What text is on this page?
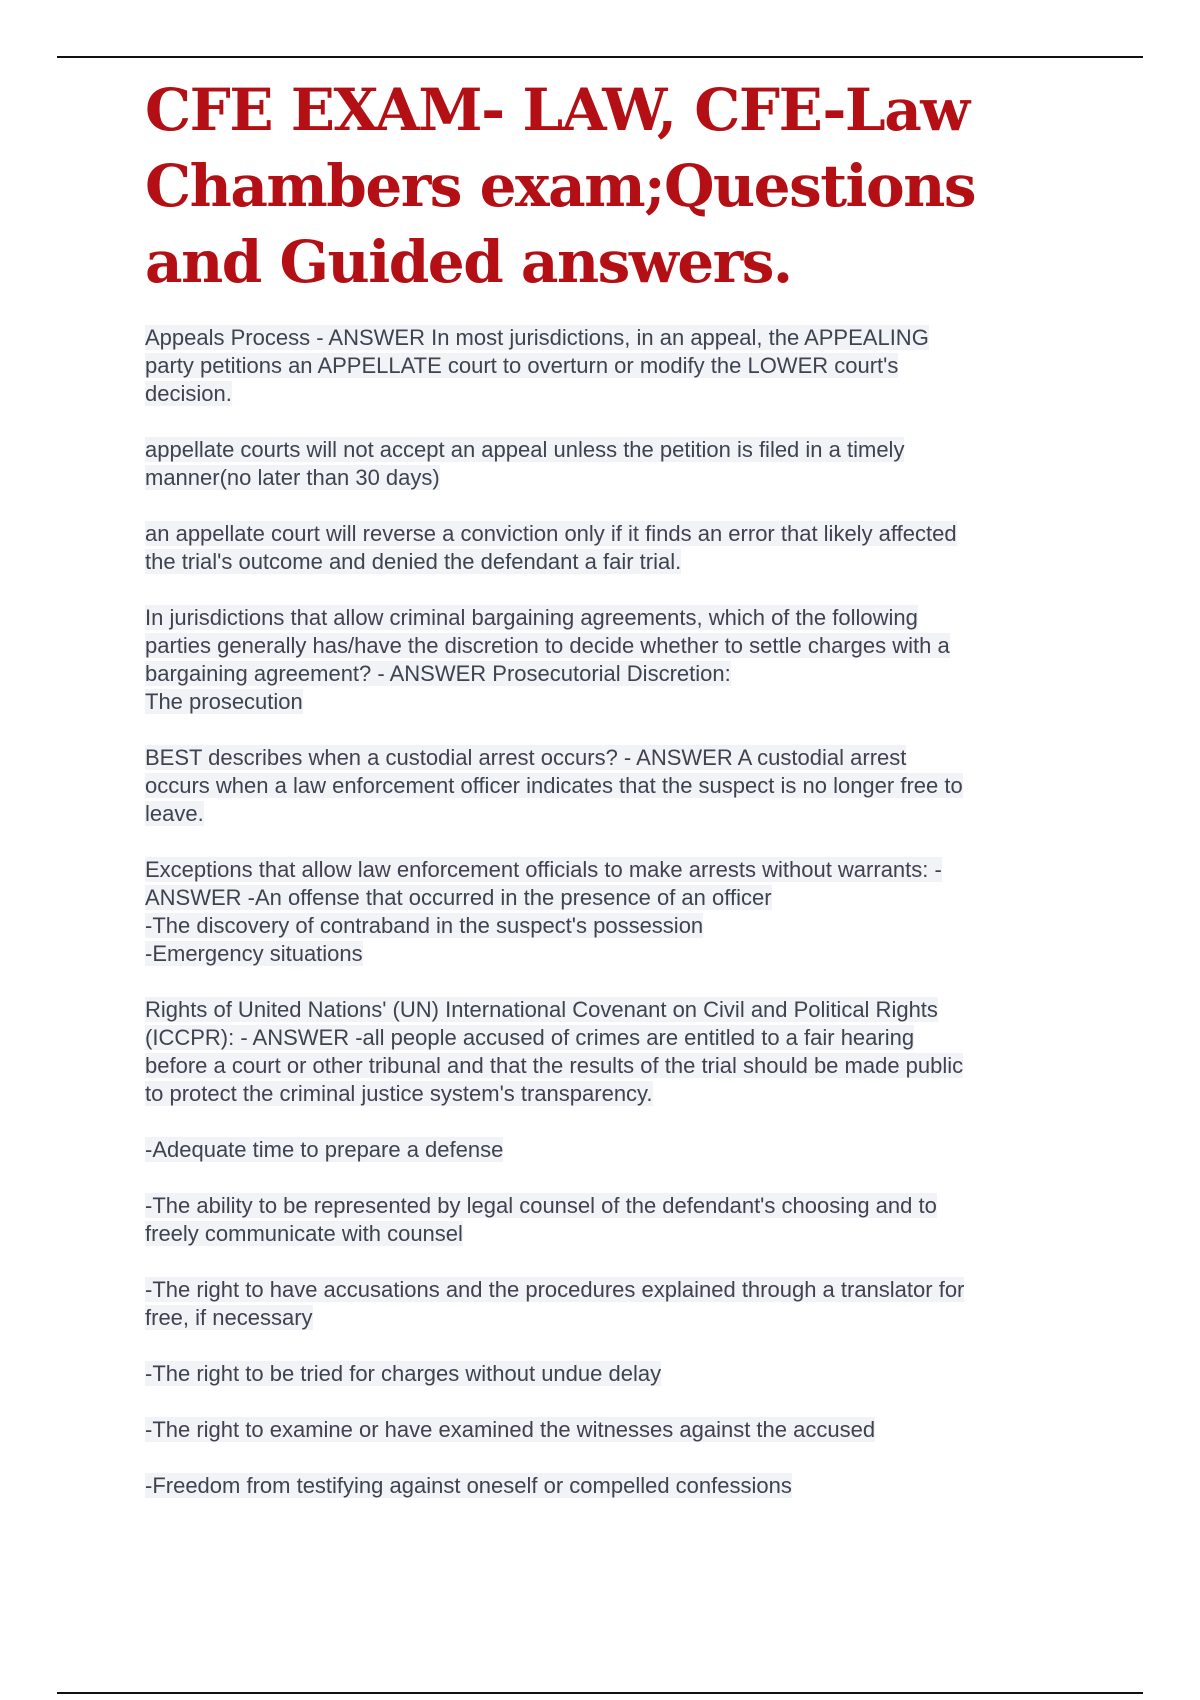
CFE EXAM- LAW, CFE-Law
Chambers exam;Questions
and Guided answers.

Appeals Process - ANSWER In most jurisdictions, in an appeal, the APPEALING
party petitions an APPELLATE court to overturn or modify the LOWER court's
decision.

appellate courts will not accept an appeal unless the petition is filed in a timely
manner(no later than 30 days)

an appellate court will reverse a conviction only if it finds an error that likely affected
the trial's outcome and denied the defendant a fair trial.

In jurisdictions that allow criminal bargaining agreements, which of the following
parties generally has/have the discretion to decide whether to settle charges with a
bargaining agreement? - ANSWER Prosecutorial Discretion:
The prosecution

BEST describes when a custodial arrest occurs? - ANSWER A custodial arrest
occurs when a law enforcement officer indicates that the suspect is no longer free to
leave.

Exceptions that allow law enforcement officials to make arrests without warrants: -
ANSWER -An offense that occurred in the presence of an officer
-The discovery of contraband in the suspect's possession
-Emergency situations

Rights of United Nations' (UN) International Covenant on Civil and Political Rights
(ICCPR): - ANSWER -all people accused of crimes are entitled to a fair hearing
before a court or other tribunal and that the results of the trial should be made public
to protect the criminal justice system's transparency.

-Adequate time to prepare a defense

-The ability to be represented by legal counsel of the defendant's choosing and to
freely communicate with counsel

-The right to have accusations and the procedures explained through a translator for
free, if necessary

-The right to be tried for charges without undue delay

-The right to examine or have examined the witnesses against the accused

-Freedom from testifying against oneself or compelled confessions
